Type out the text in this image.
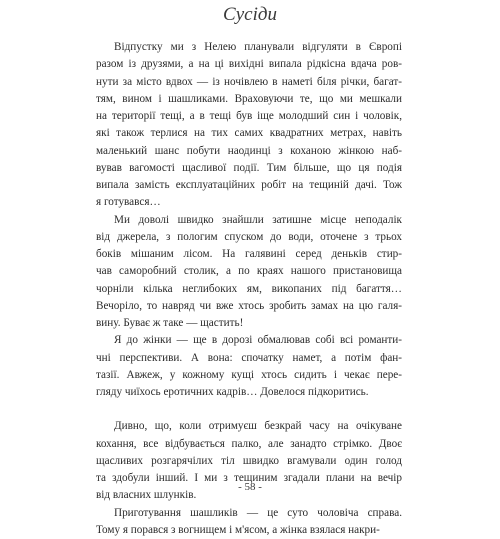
Сусіди
Відпустку ми з Нелею планували відгуляти в Європі
разом із друзями, а на ці вихідні випала рідкісна вдача ров-
нути за місто вдвох — із ночівлею в наметі біля річки, багат-
тям, вином і шашликами. Враховуючи те, що ми мешкали
на території тещі, а в тещі був іще молодший син і чоловік,
які також терлися на тих самих квадратних метрах, навіть
маленький шанс побути наодинці з коханою жінкою наб-
вував вагомості щасливої події. Тим більше, що ця подія
випала замість експлуатаційних робіт на тещиній дачі. Тож
я готувався…
Ми доволі швидко знайшли затишне місце неподалік
від джерела, з пологим спуском до води, оточене з трьох
боків мішаним лісом. На галявині серед деньків стир-
чав саморобний столик, а по краях нашого пристановища
чорніли кілька неглибоких ям, викопаних під багаття…
Вечоріло, то навряд чи вже хтось зробить замах на цю галя-
вину. Буває ж таке — щастить!
Я до жінки — ще в дорозі обмалював собі всі романти-
чні перспективи. А вона: спочатку намет, а потім фан-
тазії. Авжеж, у кожному кущі хтось сидить і чекає пере-
гляду чиїхось еротичних кадрів… Довелося підкоритись.
Дивно, що, коли отримуєш безкрай часу на очікуване
кохання, все відбувається палко, але занадто стрімко. Двоє
щасливих розгарячілих тіл швидко вгамували один голод
та здобули інший. І ми з тещиним згадали плани на вечір
від власних шлунків.
Приготування шашликів — це суто чоловіча справа.
Тому я порався з вогнищем і м'ясом, а жінка взялася накри-
- 58 -
